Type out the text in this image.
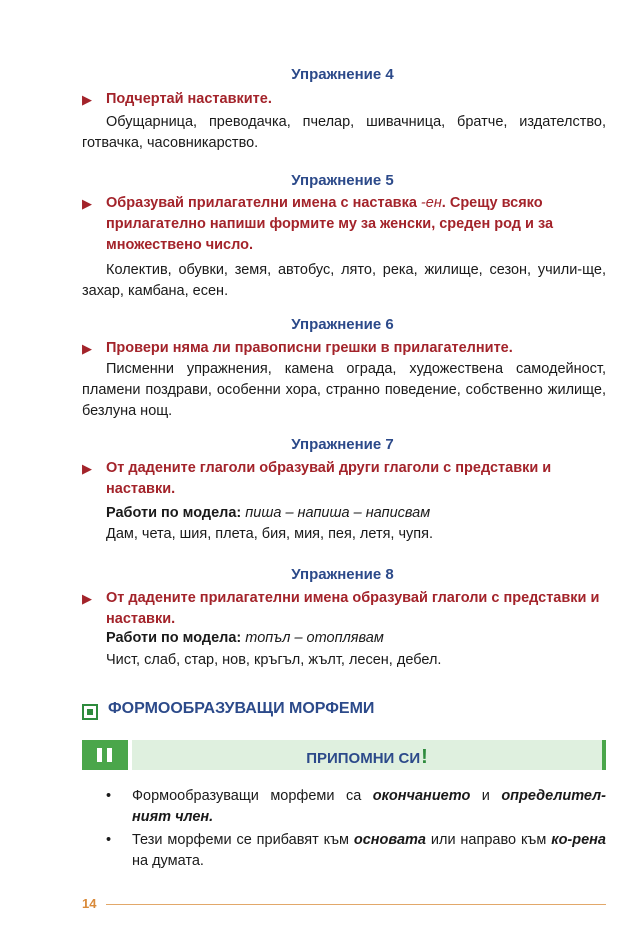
Упражнение 4
▶ Подчертай наставките.
Обущарница, преводачка, пчелар, шивачница, братче, издателство, готвачка, часовникарство.
Упражнение 5
▶ Образувай прилагателни имена с наставка -ен. Срещу всяко прилагателно напиши формите му за женски, среден род и за множествено число.
Колектив, обувки, земя, автобус, лято, река, жилище, сезон, учили-ще, захар, камбана, есен.
Упражнение 6
▶ Провери няма ли правописни грешки в прилагателните.
Писменни упражнения, камена ограда, художествена самодейност, пламени поздрави, особенни хора, странно поведение, собственно жилище, безлуна нощ.
Упражнение 7
▶ От дадените глаголи образувай други глаголи с представки и наставки.
Работи по модела: пиша – напиша – написвам
Дам, чета, шия, плета, бия, мия, пея, летя, чупя.
Упражнение 8
▶ От дадените прилагателни имена образувай глаголи с представки и наставки.
Работи по модела: топъл – отоплявам
Чист, слаб, стар, нов, кръгъл, жълт, лесен, дебел.
ФОРМООБРАЗУВАЩИ МОРФЕМИ
ПРИПОМНИ СИ!
• Формообразуващи морфеми са окончанието и определител-ният член.
• Тези морфеми се прибавят към основата или направо към ко-рена на думата.
14
